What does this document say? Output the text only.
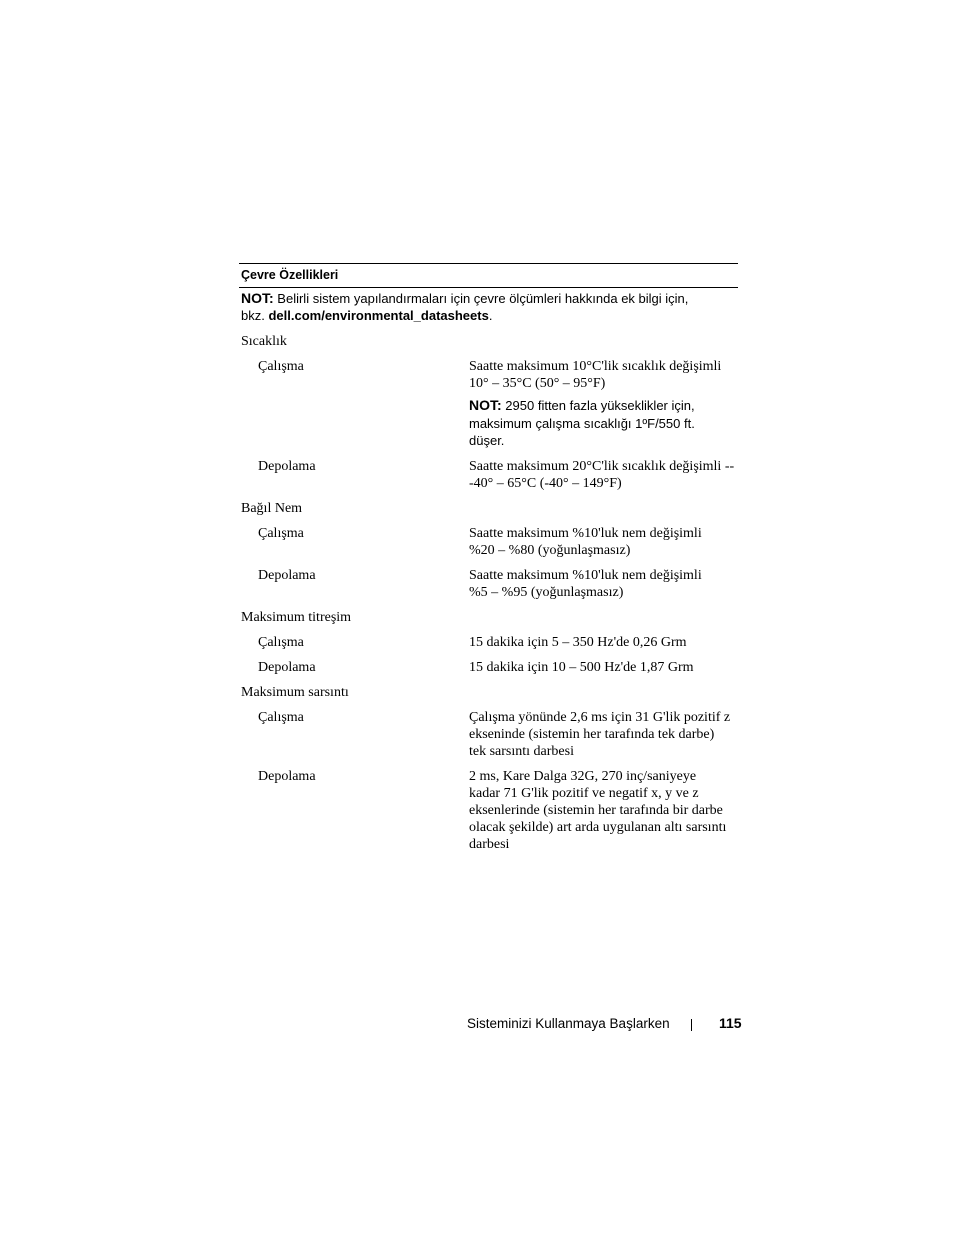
Çevre Özellikleri
NOT: Belirli sistem yapılandırmaları için çevre ölçümleri hakkında ek bilgi için,
bkz. dell.com/environmental_datasheets.
Sıcaklık
Çalışma	Saatte maksimum 10°C'lik sıcaklık değişimli
10° – 35°C (50° – 95°F)
NOT: 2950 fitten fazla yükseklikler için,
maksimum çalışma sıcaklığı 1ºF/550 ft.
düşer.
Depolama	Saatte maksimum 20°C'lik sıcaklık değişimli --
-40° – 65°C (-40° – 149°F)
Bağıl Nem
Çalışma	Saatte maksimum %10'luk nem değişimli
%20 – %80 (yoğunlaşmasız)
Depolama	Saatte maksimum %10'luk nem değişimli
%5 – %95 (yoğunlaşmasız)
Maksimum titreşim
Çalışma	15 dakika için 5 – 350 Hz'de 0,26 Grm
Depolama	15 dakika için 10 – 500 Hz'de 1,87 Grm
Maksimum sarsıntı
Çalışma	Çalışma yönünde 2,6 ms için 31 G'lik pozitif z
ekseninde (sistemin her tarafında tek darbe)
tek sarsıntı darbesi
Depolama	2 ms, Kare Dalga 32G, 270 inç/saniyeye
kadar 71 G'lik pozitif ve negatif x, y ve z
eksenlerinde (sistemin her tarafında bir darbe
olacak şekilde) art arda uygulanan altı sarsıntı
darbesi
Sisteminizi Kullanmaya Başlarken	115
